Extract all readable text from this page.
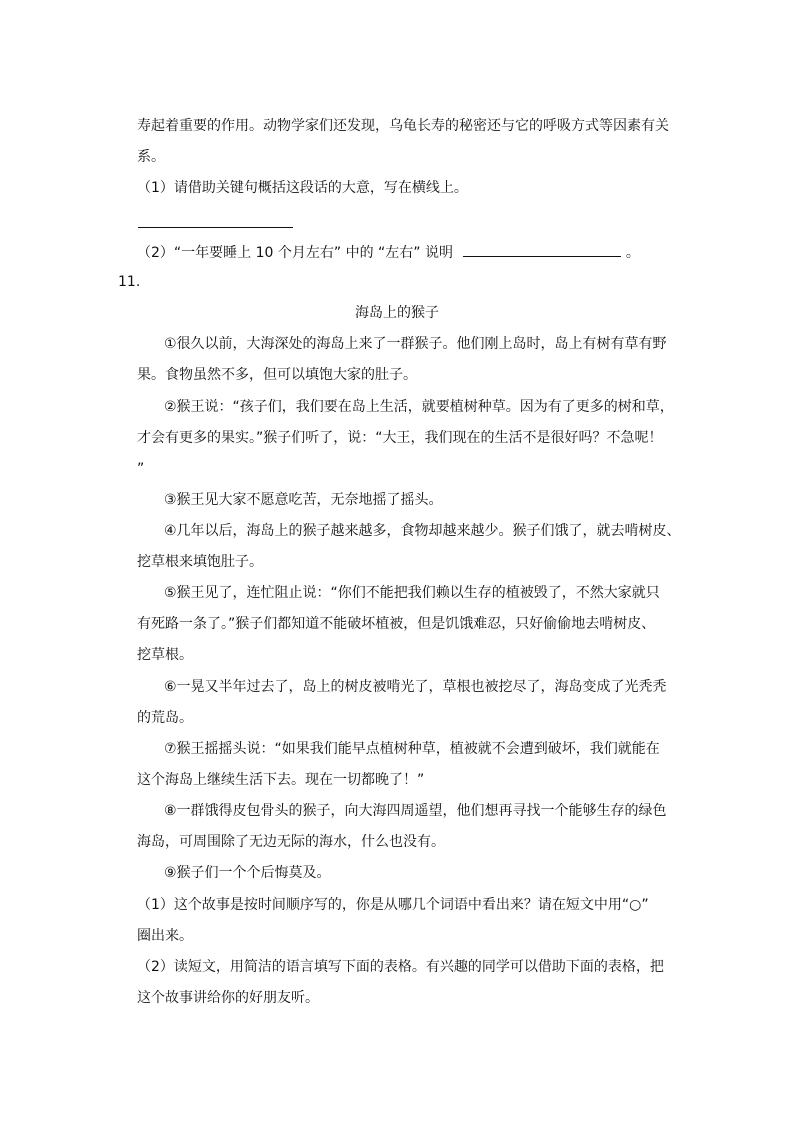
寿起着重要的作用。动物学家们还发现，乌龟长寿的秘密还与它的呼吸方式等因素有关
系。
（1）请借助关键句概括这段话的大意，写在横线上。
（2）“一年要睡上 10 个月左右” 中的 “左右” 说明	。
11.
海岛上的猴子
①很久以前，大海深处的海岛上来了一群猴子。他们刚上岛时，岛上有树有草有野
果。食物虽然不多，但可以填饱大家的肚子。
②猴王说：“孩子们，我们要在岛上生活，就要植树种草。因为有了更多的树和草，
才会有更多的果实。”猴子们听了，说：“大王，我们现在的生活不是很好吗？不急呢！
”
③猴王见大家不愿意吃苦，无奈地摇了摇头。
④几年以后，海岛上的猴子越来越多，食物却越来越少。猴子们饿了，就去啃树皮、
挖草根来填饱肚子。
⑤猴王见了，连忙阻止说：“你们不能把我们赖以生存的植被毁了，不然大家就只
有死路一条了。”猴子们都知道不能破坏植被，但是饥饿难忍，只好偷偷地去啃树皮、
挖草根。
⑥一晃又半年过去了，岛上的树皮被啃光了，草根也被挖尽了，海岛变成了光秃秃
的荒岛。
⑦猴王摇摇头说：“如果我们能早点植树种草，植被就不会遭到破坏，我们就能在
这个海岛上继续生活下去。现在一切都晚了！”
⑧一群饿得皮包骨头的猴子，向大海四周遥望，他们想再寻找一个能够生存的绿色
海岛，可周围除了无边无际的海水，什么也没有。
⑨猴子们一个个后悔莫及。
（1）这个故事是按时间顺序写的，你是从哪几个词语中看出来？请在短文中用“○”
圈出来。
（2）读短文，用简洁的语言填写下面的表格。有兴趣的同学可以借助下面的表格，把
这个故事讲给你的好朋友听。
